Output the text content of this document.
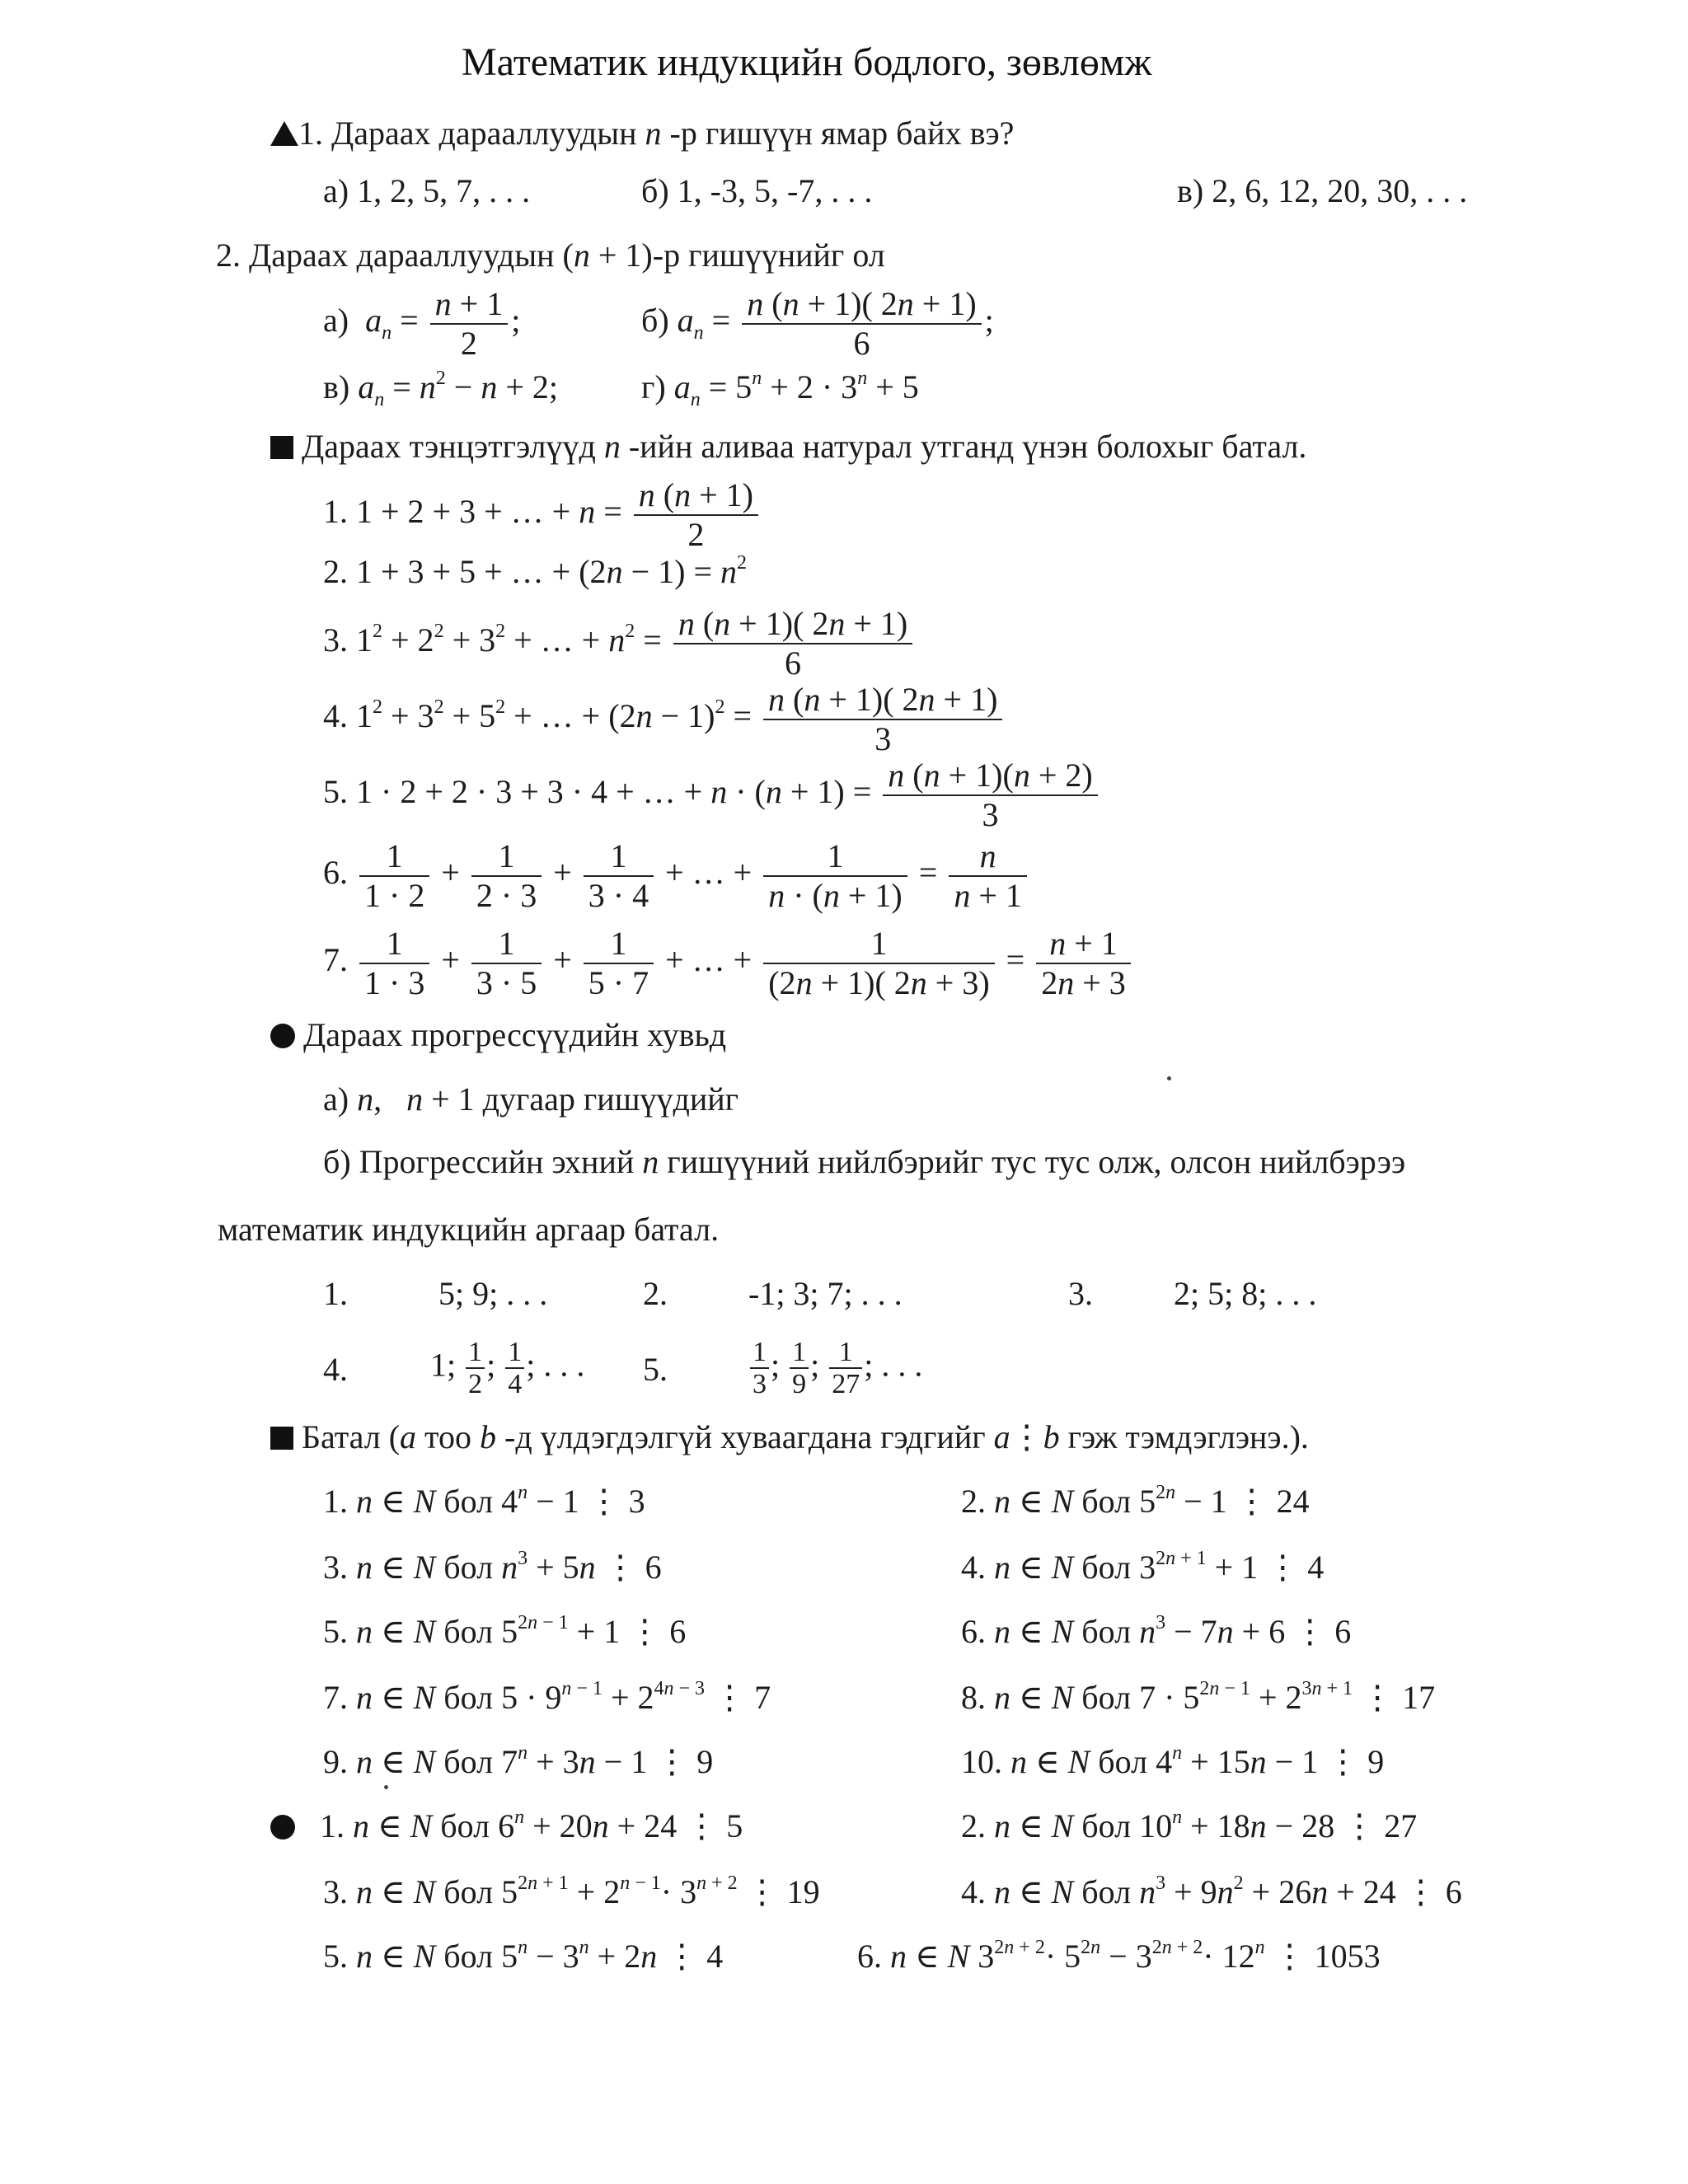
Математик индукцийн бодлого, зөвлөмж
1. Дараах дарааллуудын n -р гишүүн ямар байх вэ?
а) 1, 2, 5, 7, . . .	б) 1, -3, 5, -7, . . .	в) 2, 6, 12, 20, 30, . . .
2. Дараах дарааллуудын (n + 1)-р гишүүнийг ол
а)  $a_n = \frac{n + 1}{2}$ ;	б) $a_n = \frac{n (n + 1)( 2n + 1)}{6}$ ;
в) $a_n = n^2 - n + 2$;	г) $a_n = 5^n + 2 \cdot 3^n + 5$
Дараах тэнцэтгэлүүд n -ийн аливаа натурал утганд үнэн болохыг батал.
1. 1 + 2 + 3 + … + $n = \frac{n (n + 1)}{2}$
2. 1 + 3 + 5 + … + $(2n - 1) = n^2$
3. $1^2 + 2^2 + 3^2$ + … + $n^2 = \frac{n (n + 1)( 2n + 1)}{6}$
4. $1^2 + 3^2 + 5^2$ + … + $(2n - 1)^2 = \frac{n (n + 1)( 2n + 1)}{3}$
5. 1 · 2 + 2 · 3 + 3 · 4 + … + $n \cdot (n + 1) = \frac{n (n + 1)(n + 2)}{3}$
6. $\frac{1}{1 \cdot 2} + \frac{1}{2 \cdot 3} + \frac{1}{3 \cdot 4}$ + … + $\frac{1}{n \cdot (n + 1)} = \frac{n}{n + 1}$
7. $\frac{1}{1 \cdot 3} + \frac{1}{3 \cdot 5} + \frac{1}{5 \cdot 7}$ + … + $\frac{1}{(2n + 1)( 2n + 3)} = \frac{n + 1}{2n + 3}$
Дараах прогрессүүдийн хувьд
а) n,   n + 1 дугаар гишүүдийг
б) Прогрессийн эхний n гишүүний нийлбэрийг тус тус олж, олсон нийлбэрээ
математик индукцийн аргаар батал.
1.	5; 9; . . .	2. -1; 3; 7; . . .	3. 2; 5; 8; . . .
4.	1; $\frac{1}{2}$ ; $\frac{1}{4}$ ; . . . 5.	$\frac{1}{3}$ ; $\frac{1}{9}$ ; $\frac{1}{27}$ ; . . .
Батал (a тоо b -д үлдэгдэлгүй хуваагдана гэдгийг a⋮b гэж тэмдэглэнэ.).
1. n ∈ N бол $4^n - 1$ ⋮ 3	2. n ∈ N бол $5^{2n} - 1$ ⋮ 24
3. n ∈ N бол $n^3 + 5n$ ⋮ 6	4. n ∈ N бол $3^{2n + 1} + 1$ ⋮ 4
5. n ∈ N бол $5^{2n - 1} + 1$ ⋮ 6	6. n ∈ N бол $n^3 - 7n + 6$ ⋮ 6
7. n ∈ N бол $5 \cdot 9^{n - 1} + 2^{4n - 3}$ ⋮ 7	8. n ∈ N бол $7 \cdot 5^{2n - 1} + 2^{3n + 1}$ ⋮ 17
9. n ∈ N бол $7^n + 3n - 1$ ⋮ 9	10. n ∈ N бол $4^n + 15n - 1$ ⋮ 9
1. n ∈ N бол $6^n + 20n + 24$ ⋮ 5	2. n ∈ N бол $10^n + 18n - 28$ ⋮ 27
3. n ∈ N бол $5^{2n + 1} + 2^{n - 1}\cdot 3^{n + 2}$ ⋮ 19	4. n ∈ N бол $n^3 + 9n^2 + 26n + 24$ ⋮ 6
5. n ∈ N бол $5^n - 3^n + 2n$ ⋮ 4	6. n ∈ N $3^{2n + 2}\cdot 5^{2n} - 3^{2n + 2}\cdot 12^n$ ⋮ 1053
